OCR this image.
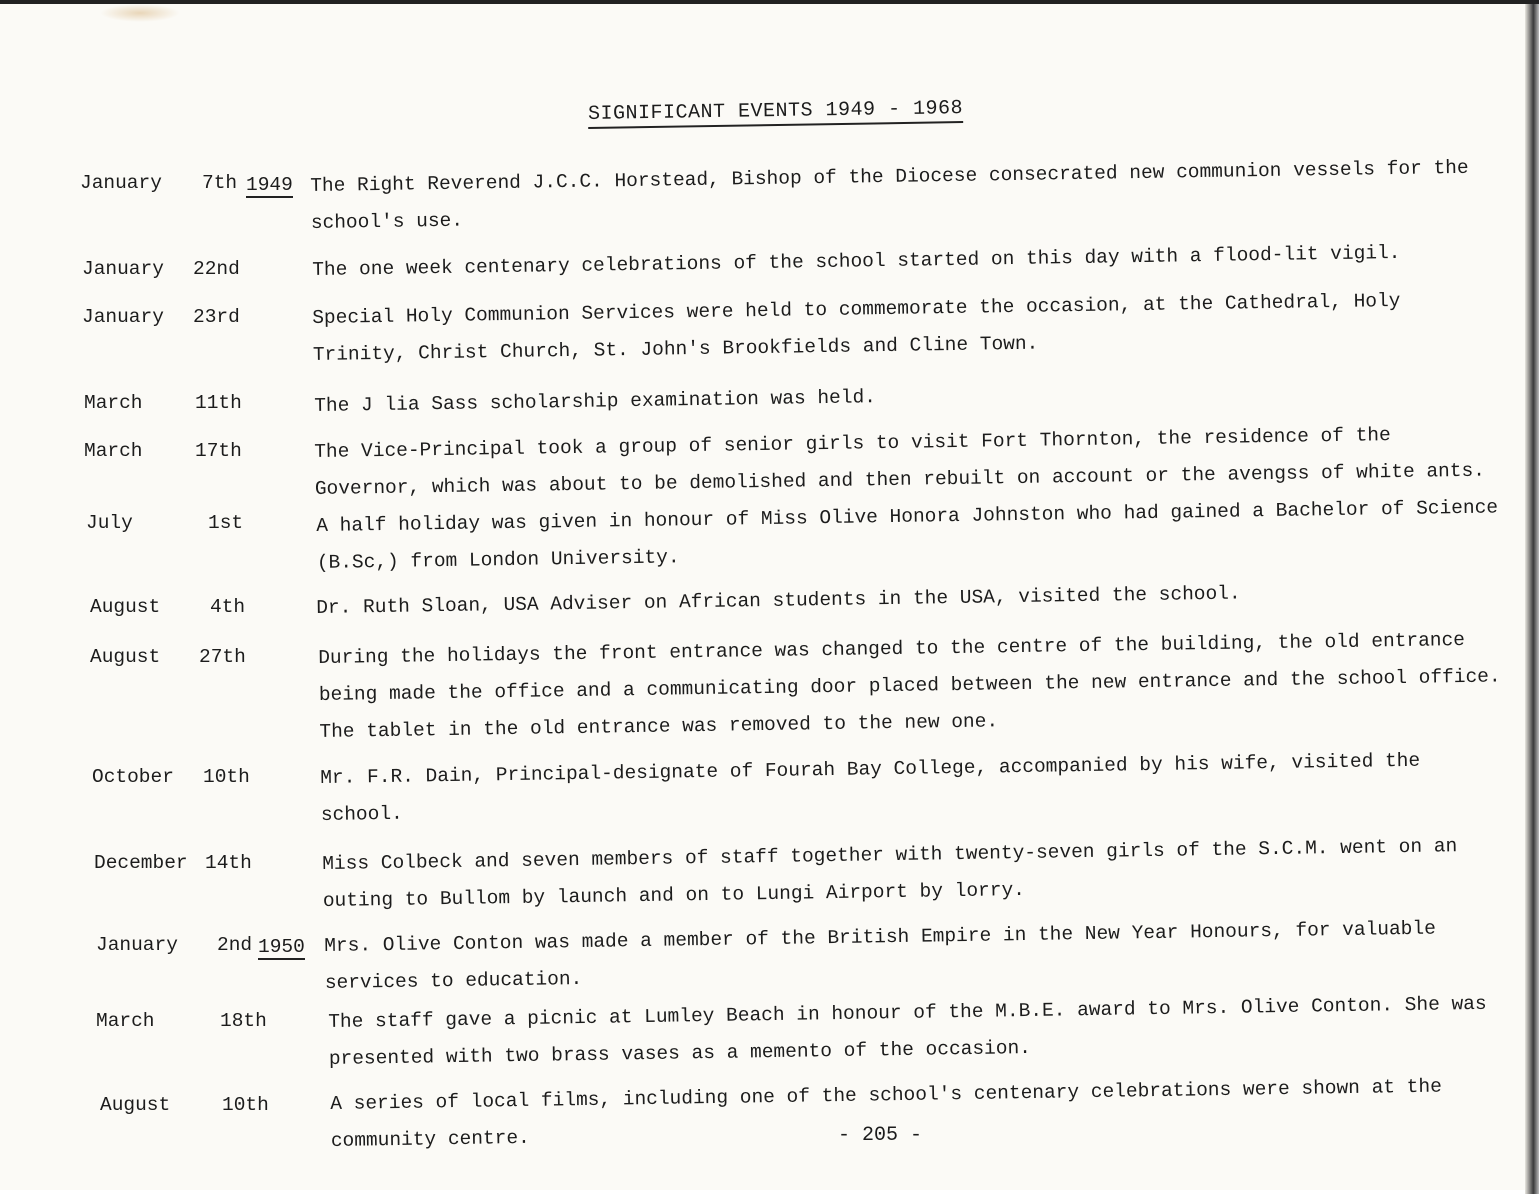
SIGNIFICANT EVENTS 1949 - 1968
January 7th 1949 The Right Reverend J.C.C. Horstead, Bishop of the Diocese consecrated new communion vessels for the school's use.
January 22nd	The one week centenary celebrations of the school started on this day with a flood-lit vigil.
January 23rd	Special Holy Communion Services were held to commemorate the occasion, at the Cathedral, Holy Trinity, Christ Church, St. John's Brookfields and Cline Town.
March	11th	The J lia Sass scholarship examination was held.
March	17th	The Vice-Principal took a group of senior girls to visit Fort Thornton, the residence of the Governor, which was about to be demolished and then rebuilt on account or the avengss of white ants.
July	1st	A half holiday was given in honour of Miss Olive Honora Johnston who had gained a Bachelor of Science (B.Sc,) from London University.
August	4th	Dr. Ruth Sloan, USA Adviser on African students in the USA, visited the school.
August 27th	During the holidays the front entrance was changed to the centre of the building, the old entrance being made the office and a communicating door placed between the new entrance and the school office. The tablet in the old entrance was removed to the new one.
October 10th	Mr. F.R. Dain, Principal-designate of Fourah Bay College, accompanied by his wife, visited the school.
December 14th	Miss Colbeck and seven members of staff together with twenty-seven girls of the S.C.M. went on an outing to Bullom by launch and on to Lungi Airport by lorry.
January 2nd 1950 Mrs. Olive Conton was made a member of the British Empire in the New Year Honours, for valuable services to education.
March	18th	The staff gave a picnic at Lumley Beach in honour of the M.B.E. award to Mrs. Olive Conton. She was presented with two brass vases as a memento of the occasion.
August	10th	A series of local films, including one of the school's centenary celebrations were shown at the community centre.	- 205 -
